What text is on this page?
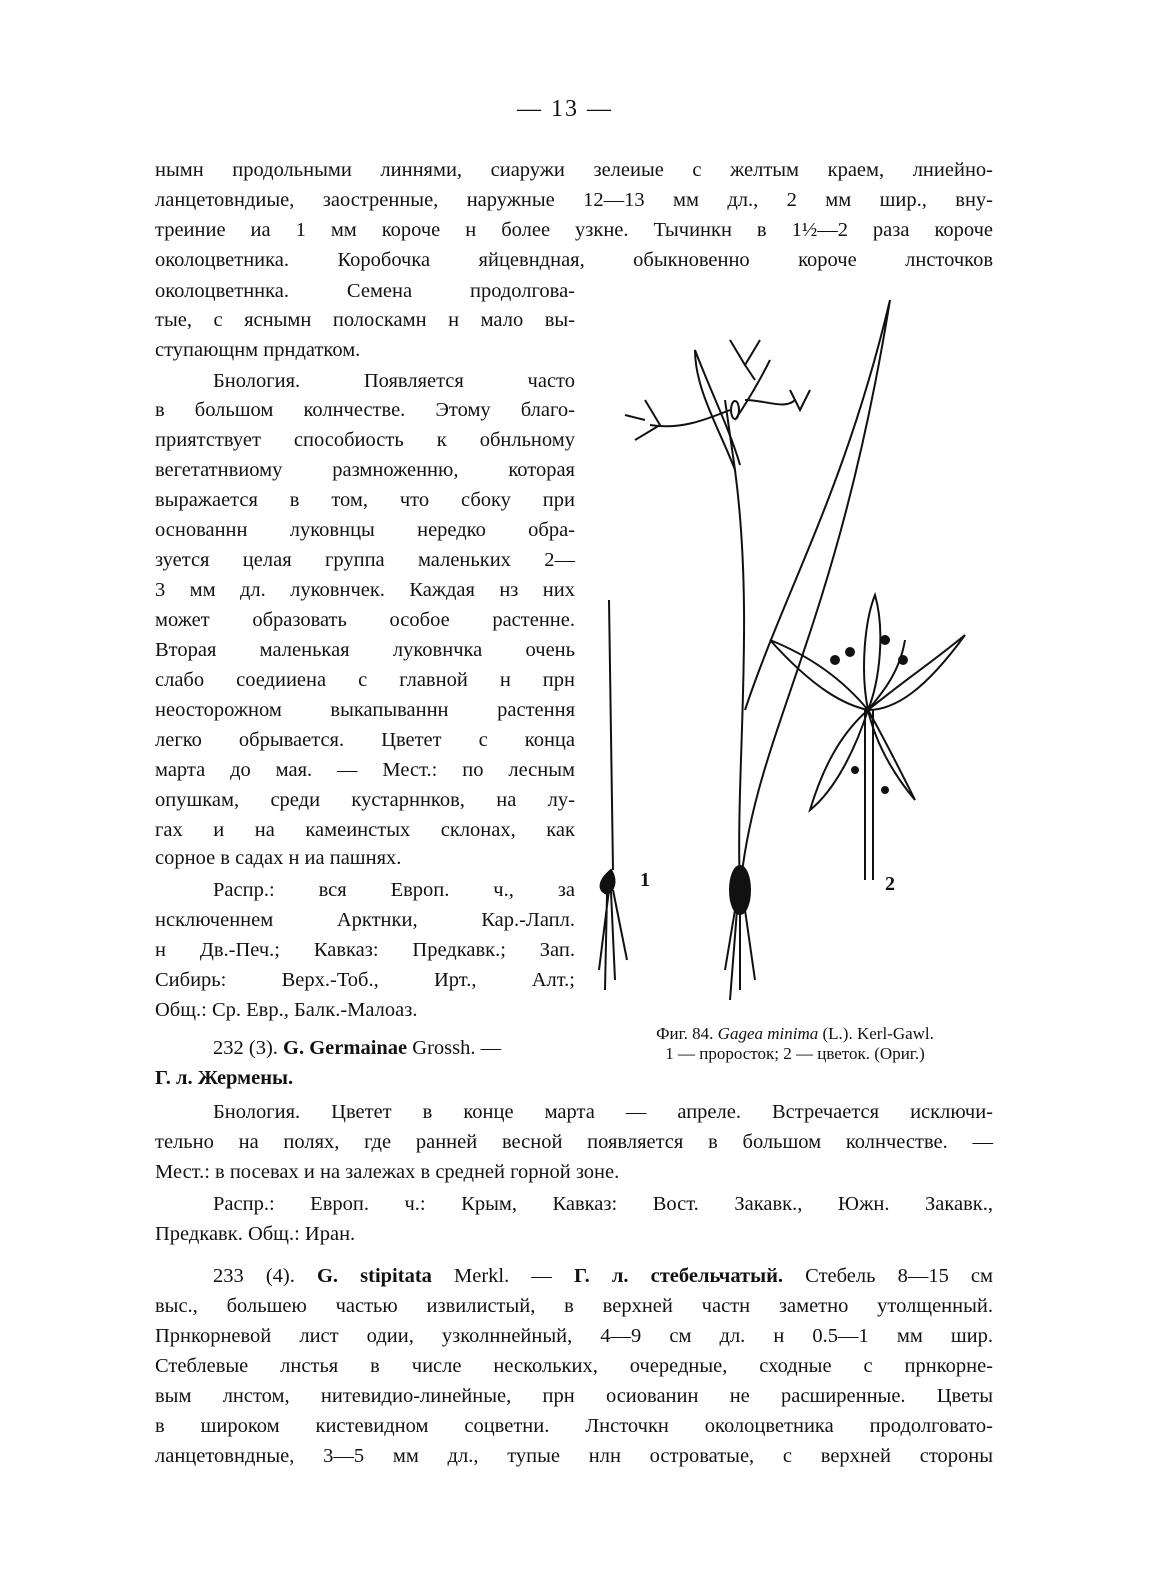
— 13 —
нымн продольными линнями, сиаружи зелеиые с желтым краем, лниейно-
ланцетовндиые, заостренные, наружные 12—13 мм дл., 2 мм шир., вну-
треиние иа 1 мм короче н более узкне. Тычинкн в 1½—2 раза короче
околоцветника. Коробочка яйцевндная, обыкновенно короче лнсточков
околоцветннка. Семена продолгова-
тые, с яснымн полоскамн н мало вы-
ступающнм прндатком.
Бнология. Появляется часто
в большом колнчестве. Этому благо-
приятствует способиость к обнльному
вегетатнвиому размноженню, которая
выражается в том, что сбоку при
основаннн луковнцы нередко обра-
зуется целая группа маленьких 2—
3 мм дл. луковнчек. Каждая нз них
может образовать особое растенне.
Вторая маленькая луковнчка очень
слабо соедииена с главной н прн
неосторожном выкапываннн растення
легко обрывается. Цветет с конца
марта до мая. — Мест.: по лесным
опушкам, среди кустарннков, на лу-
гах и на камеинстых склонах, как
сорное в садах н иа пашнях.
Распр.: вся Европ. ч., за
нсключеннем Арктнки, Кар.-Лапл.
н Дв.-Печ.; Кавказ: Предкавк.; Зап.
Сибирь: Верх.-Тоб., Ирт., Алт.;
Общ.: Ср. Евр., Балк.-Малоаз.
232 (3). G. Germainae Grossh. —
Г. л. Жермены.
Бнология. Цветет в конце марта — апреле. Встречается исключи-
тельно на полях, где ранней весной появляется в большом колнчестве. —
Мест.: в посевах и на залежах в средней горной зоне.
Распр.: Европ. ч.: Крым, Кавказ: Вост. Закавк., Южн. Закавк.,
Предкавк. Общ.: Иран.
233 (4). G. stipitata Merkl. — Г. л. стебельчатый. Стебель 8—15 см
выс., большею частью извилистый, в верхней частн заметно утолщенный.
Прнкорневой лист одии, узколннейный, 4—9 см дл. н 0.5—1 мм шир.
Стеблевые лнстья в числе нескольких, очередные, сходные с прнкорне-
вым лнстом, нитевидио-линейные, прн осиованин не расширенные. Цветы
в широком кистевидном соцветни. Лнсточкн околоцветника продолговато-
ланцетовндные, 3—5 мм дл., тупые нлн островатые, с верхней стороны
1	2
Фиг. 84. Gagea minima (L.). Kerl-Gawl.
1 — проросток; 2 — цветок. (Ориг.)
